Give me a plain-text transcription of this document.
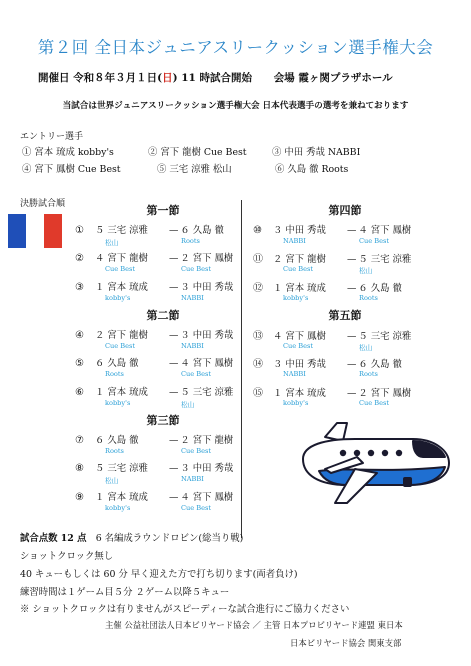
第２回 全日本ジュニアスリークッション選手権大会
開催日 令和８年３月１日(日) 11 時試合開始 会場 霞ヶ関プラザホール
当試合は世界ジュニアスリークッション選手権大会 日本代表選手の選考を兼ねております
エントリー選手
① 宮本 琉成 kobby's	② 宮下 龍樹 Cue Best	③ 中田 秀哉 NABBI
④ 宮下 鳳樹 Cue Best	⑤ 三宅 涼雅 松山	⑥ 久島 徹 Roots
決勝試合順	第一節
第二節
第三節
第四節
第五節
① ５ 三宅 涼雅 — ６ 久島 徹
松山	Roots
② ４ 宮下 龍樹 — ２ 宮下 鳳樹
Cue Best	Cue Best
③ １ 宮本 琉成 — ３ 中田 秀哉
kobby's	NABBI
④ ２ 宮下 龍樹 — ３ 中田 秀哉
Cue Best	NABBI
⑤ ６ 久島 徹	— ４ 宮下 鳳樹
Roots	Cue Best
⑥ １ 宮本 琉成 — ５ 三宅 涼雅
kobby's	松山
⑦ ６ 久島 徹	— ２ 宮下 龍樹
Roots	Cue Best
⑧ ５ 三宅 涼雅 — ３ 中田 秀哉
松山	NABBI
⑨ １ 宮本 琉成 — ４ 宮下 鳳樹
kobby's	Cue Best
⑩ ３ 中田 秀哉 — ４ 宮下 鳳樹
NABBI	Cue Best
⑪ ２ 宮下 龍樹 — ５ 三宅 涼雅
Cue Best	松山
⑫ １ 宮本 琉成 — ６ 久島 徹
kobby's	Roots
⑬ ４ 宮下 鳳樹 — ５ 三宅 涼雅
Cue Best	松山
⑭ ３ 中田 秀哉 — ６ 久島 徹
NABBI	Roots
⑮ １ 宮本 琉成 — ２ 宮下 鳳樹
kobby's	Cue Best
試合点数 12 点 6 名編成ラウンドロビン(総当り戦)
ショットクロック無し
40 キューもしくは 60 分 早く迎えた方で打ち切ります(両者負け)
練習時間は１ゲーム目５分 ２ゲーム以降５キュー
※ ショットクロックは有りませんがスピーディーな試合進行にご協力ください
主催 公益社団法人日本ビリヤード協会 ／ 主管 日本プロビリヤード連盟 東日本
日本ビリヤード協会 関東支部
